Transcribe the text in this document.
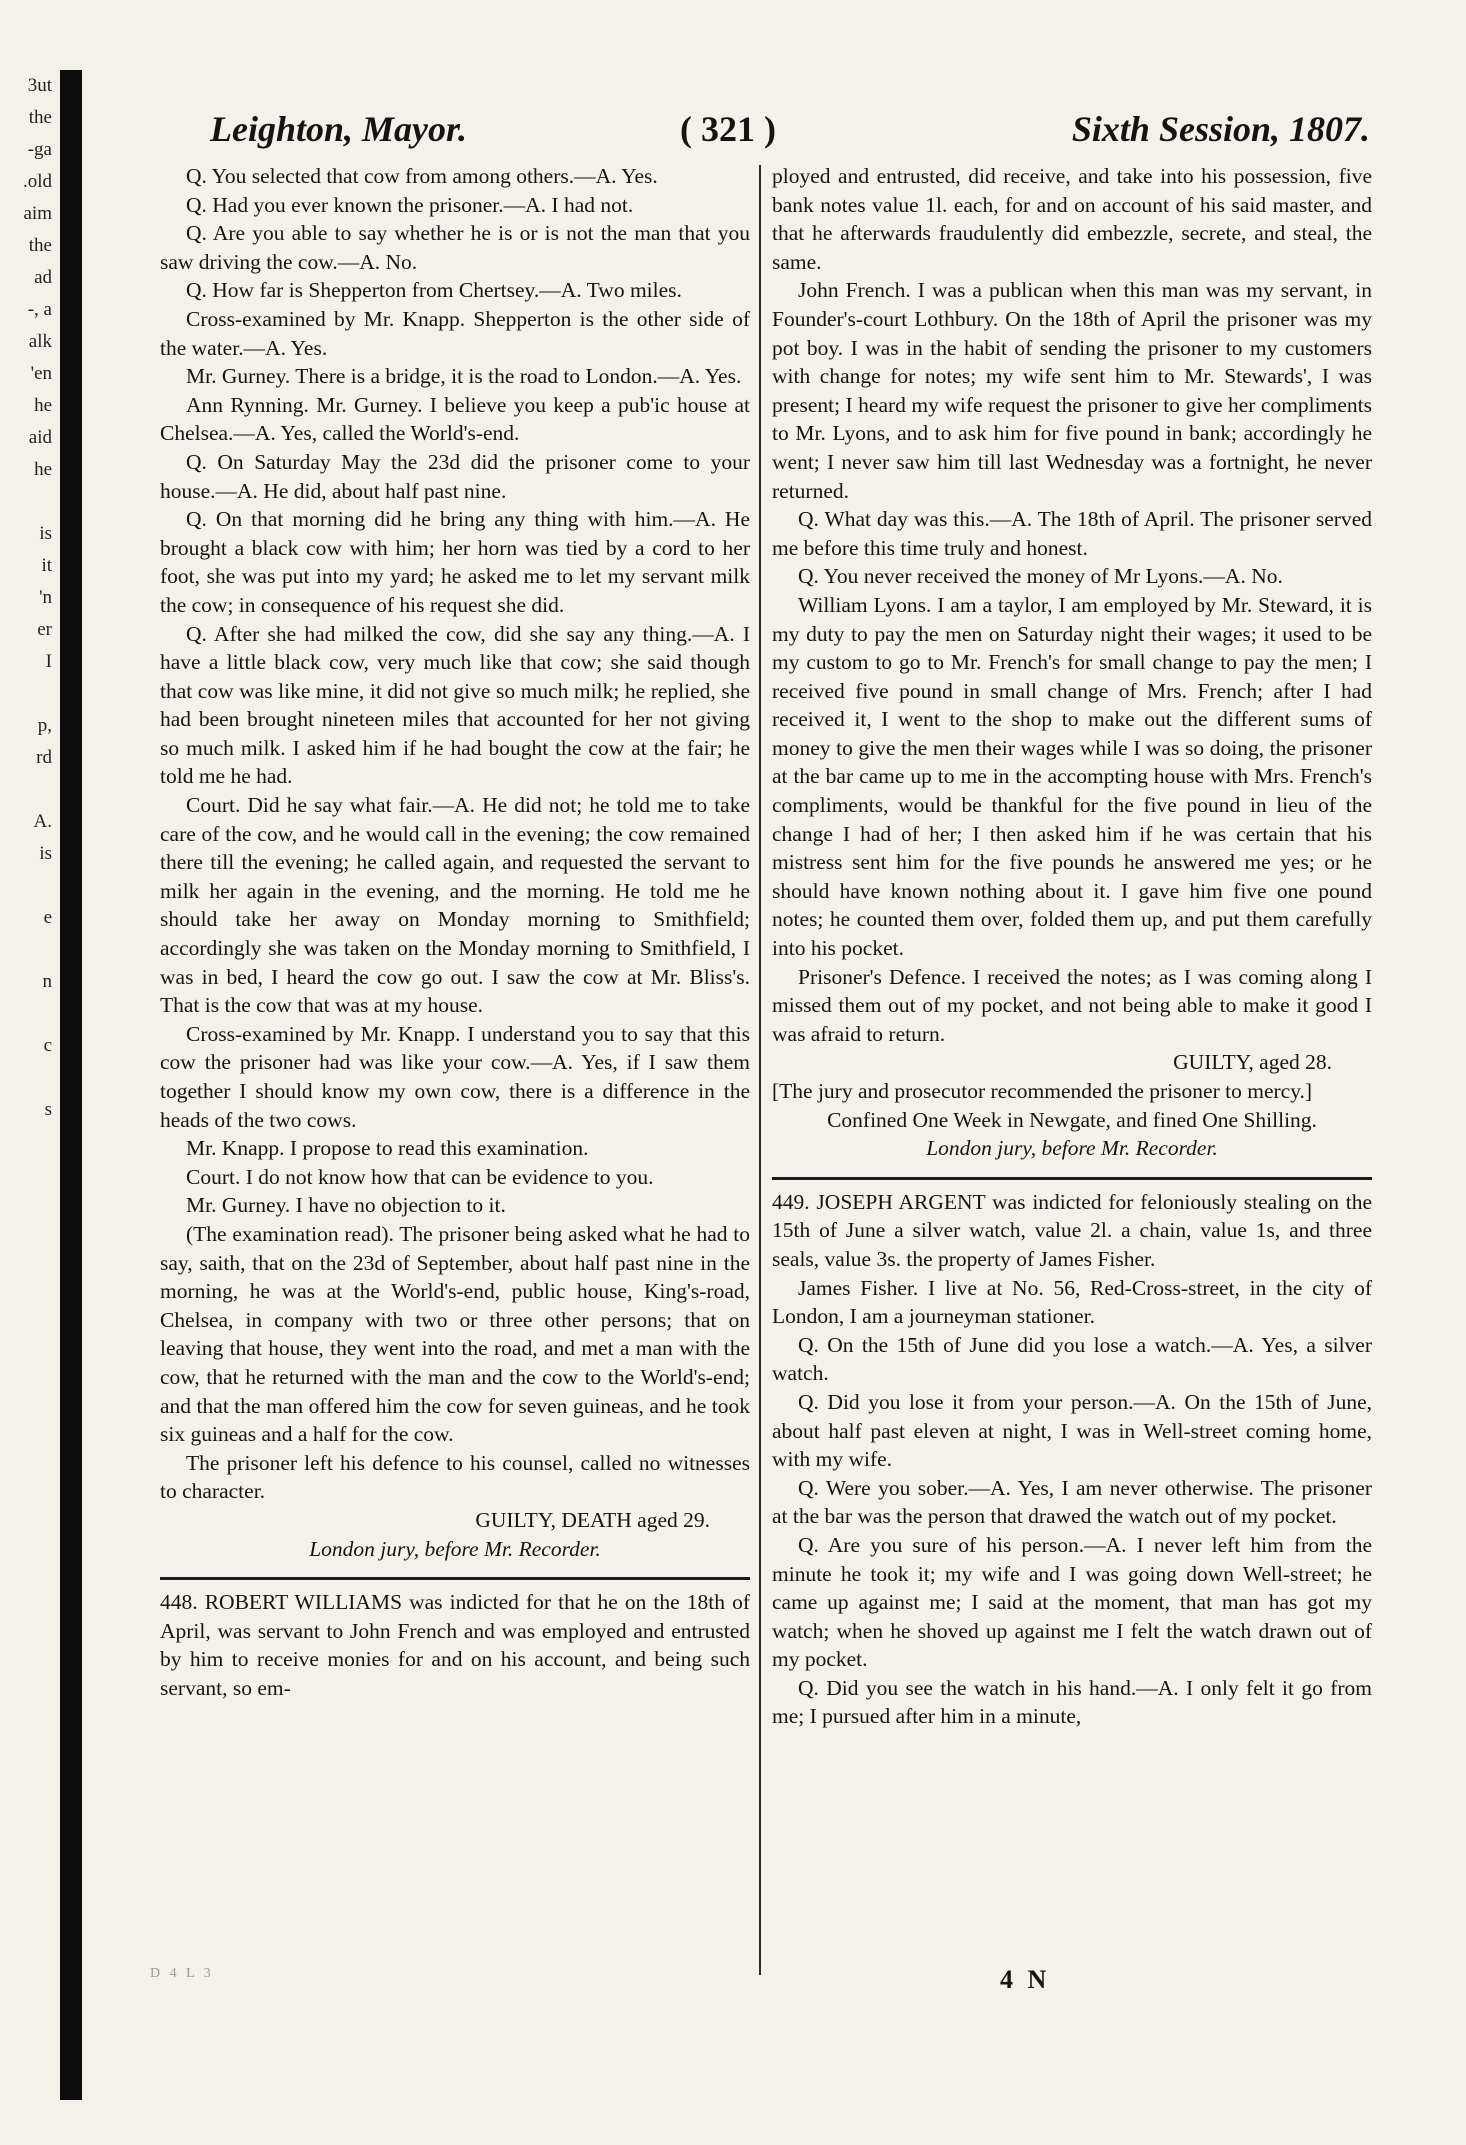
3ut
the
-ga
.old
aim
the
ad
-, a
alk
'en
he
aid
he
is
it
'n
er
I
p,
rd
A.
is
e
n
c
s
Leighton, Mayor.	( 321 )	Sixth Session, 1807.

Q. You selected that cow from among others.—A. Yes.

Q. Had you ever known the prisoner.—A. I had not.

Q. Are you able to say whether he is or is not the man that you saw driving the cow.—A. No.

Q. How far is Shepperton from Chertsey.—A. Two miles.

Cross-examined by Mr. Knapp. Shepperton is the other side of the water.—A. Yes.

Mr. Gurney. There is a bridge, it is the road to London.—A. Yes.

Ann Rynning. Mr. Gurney. I believe you keep a pub'ic house at Chelsea.—A. Yes, called the World's-end.

Q. On Saturday May the 23d did the prisoner come to your house.—A. He did, about half past nine.

Q. On that morning did he bring any thing with him.—A. He brought a black cow with him; her horn was tied by a cord to her foot, she was put into my yard; he asked me to let my servant milk the cow; in consequence of his request she did.

Q. After she had milked the cow, did she say any thing.—A. I have a little black cow, very much like that cow; she said though that cow was like mine, it did not give so much milk; he replied, she had been brought nineteen miles that accounted for her not giving so much milk. I asked him if he had bought the cow at the fair; he told me he had.

Court. Did he say what fair.—A. He did not; he told me to take care of the cow, and he would call in the evening; the cow remained there till the evening; he called again, and requested the servant to milk her again in the evening, and the morning. He told me he should take her away on Monday morning to Smithfield; accordingly she was taken on the Monday morning to Smithfield, I was in bed, I heard the cow go out. I saw the cow at Mr. Bliss's. That is the cow that was at my house.

Cross-examined by Mr. Knapp. I understand you to say that this cow the prisoner had was like your cow.—A. Yes, if I saw them together I should know my own cow, there is a difference in the heads of the two cows.

Mr. Knapp. I propose to read this examination.

Court. I do not know how that can be evidence to you.

Mr. Gurney. I have no objection to it.

(The examination read). The prisoner being asked what he had to say, saith, that on the 23d of September, about half past nine in the morning, he was at the World's-end, public house, King's-road, Chelsea, in company with two or three other persons; that on leaving that house, they went into the road, and met a man with the cow, that he returned with the man and the cow to the World's-end; and that the man offered him the cow for seven guineas, and he took six guineas and a half for the cow.

The prisoner left his defence to his counsel, called no witnesses to character.

GUILTY, DEATH aged 29.

London jury, before Mr. Recorder.

448. ROBERT WILLIAMS was indicted for that he on the 18th of April, was servant to John French and was employed and entrusted by him to receive monies for and on his account, and being such servant, so em-

ployed and entrusted, did receive, and take into his possession, five bank notes value 1l. each, for and on account of his said master, and that he afterwards fraudulently did embezzle, secrete, and steal, the same.

John French. I was a publican when this man was my servant, in Founder's-court Lothbury. On the 18th of April the prisoner was my pot boy. I was in the habit of sending the prisoner to my customers with change for notes; my wife sent him to Mr. Stewards', I was present; I heard my wife request the prisoner to give her compliments to Mr. Lyons, and to ask him for five pound in bank; accordingly he went; I never saw him till last Wednesday was a fortnight, he never returned.

Q. What day was this.—A. The 18th of April. The prisoner served me before this time truly and honest.

Q. You never received the money of Mr Lyons.—A. No.

William Lyons. I am a taylor, I am employed by Mr. Steward, it is my duty to pay the men on Saturday night their wages; it used to be my custom to go to Mr. French's for small change to pay the men; I received five pound in small change of Mrs. French; after I had received it, I went to the shop to make out the different sums of money to give the men their wages while I was so doing, the prisoner at the bar came up to me in the accompting house with Mrs. French's compliments, would be thankful for the five pound in lieu of the change I had of her; I then asked him if he was certain that his mistress sent him for the five pounds he answered me yes; or he should have known nothing about it. I gave him five one pound notes; he counted them over, folded them up, and put them carefully into his pocket.

Prisoner's Defence. I received the notes; as I was coming along I missed them out of my pocket, and not being able to make it good I was afraid to return.

GUILTY, aged 28.

[The jury and prosecutor recommended the prisoner to mercy.]

Confined One Week in Newgate, and fined One Shilling.

London jury, before Mr. Recorder.

449. JOSEPH ARGENT was indicted for feloniously stealing on the 15th of June a silver watch, value 2l. a chain, value 1s, and three seals, value 3s. the property of James Fisher.

James Fisher. I live at No. 56, Red-Cross-street, in the city of London, I am a journeyman stationer.

Q. On the 15th of June did you lose a watch.—A. Yes, a silver watch.

Q. Did you lose it from your person.—A. On the 15th of June, about half past eleven at night, I was in Well-street coming home, with my wife.

Q. Were you sober.—A. Yes, I am never otherwise. The prisoner at the bar was the person that drawed the watch out of my pocket.

Q. Are you sure of his person.—A. I never left him from the minute he took it; my wife and I was going down Well-street; he came up against me; I said at the moment, that man has got my watch; when he shoved up against me I felt the watch drawn out of my pocket.

Q. Did you see the watch in his hand.—A. I only felt it go from me; I pursued after him in a minute,

4 N
D 4 L 3
